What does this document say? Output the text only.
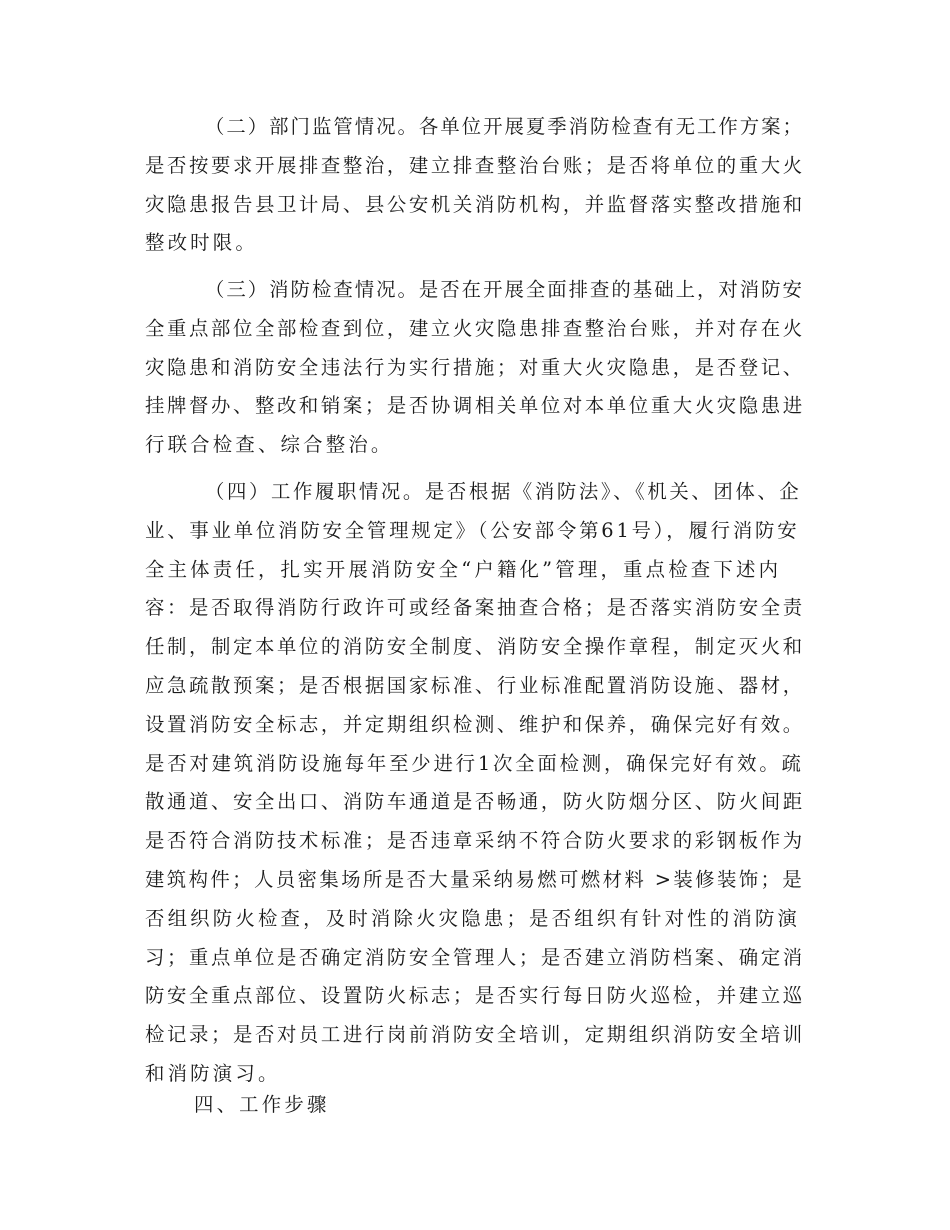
（二）部门监管情况。各单位开展夏季消防检查有无工作方案；
是否按要求开展排查整治，建立排查整治台账；是否将单位的重大火
灾隐患报告县卫计局、县公安机关消防机构，并监督落实整改措施和
整改时限。
（三）消防检查情况。是否在开展全面排查的基础上，对消防安
全重点部位全部检查到位，建立火灾隐患排查整治台账，并对存在火
灾隐患和消防安全违法行为实行措施；对重大火灾隐患，是否登记、
挂牌督办、整改和销案；是否协调相关单位对本单位重大火灾隐患进
行联合检查、综合整治。
（四）工作履职情况。是否根据《消防法》、《机关、团体、企
业、事业单位消防安全管理规定》（公安部令第61号），履行消防安
全主体责任，扎实开展消防安全“户籍化”管理，重点检查下述内
容：是否取得消防行政许可或经备案抽查合格；是否落实消防安全责
任制，制定本单位的消防安全制度、消防安全操作章程，制定灭火和
应急疏散预案；是否根据国家标准、行业标准配置消防设施、器材，
设置消防安全标志，并定期组织检测、维护和保养，确保完好有效。
是否对建筑消防设施每年至少进行1次全面检测，确保完好有效。疏
散通道、安全出口、消防车通道是否畅通，防火防烟分区、防火间距
是否符合消防技术标准；是否违章采纳不符合防火要求的彩钢板作为
建筑构件；人员密集场所是否大量采纳易燃可燃材料 >装修装饰；是
否组织防火检查，及时消除火灾隐患；是否组织有针对性的消防演
习；重点单位是否确定消防安全管理人；是否建立消防档案、确定消
防安全重点部位、设置防火标志；是否实行每日防火巡检，并建立巡
检记录；是否对员工进行岗前消防安全培训，定期组织消防安全培训
和消防演习。
四、工作步骤
